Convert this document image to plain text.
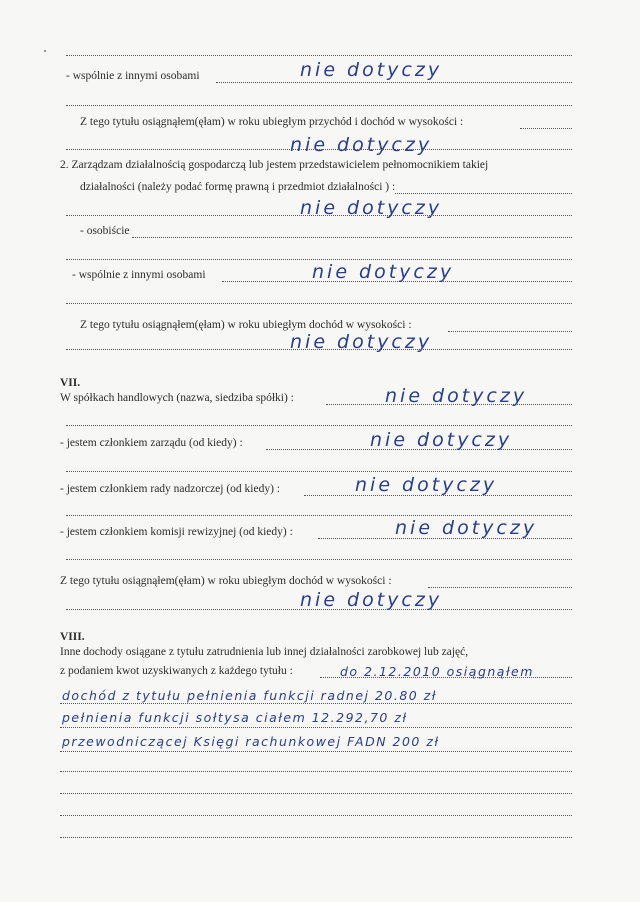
- wspólnie z innymi osobami	nie dotyczy
Z tego tytułu osiągnąłem(ęłam) w roku ubiegłym przychód i dochód w wysokości :
nie dotyczy
2. Zarządzam działalnością gospodarczą lub jestem przedstawicielem pełnomocnikiem takiej
działalności (należy podać formę prawną i przedmiot działalności ) :
nie dotyczy
- osobiście
- wspólnie z innymi osobami	nie dotyczy
Z tego tytułu osiągnąłem(ęłam) w roku ubiegłym dochód w wysokości :
nie dotyczy
VII.
W spółkach handlowych (nazwa, siedziba spółki) :	nie dotyczy
- jestem członkiem zarządu (od kiedy) :	nie dotyczy
- jestem członkiem rady nadzorczej (od kiedy) :	nie dotyczy
- jestem członkiem komisji rewizyjnej (od kiedy) :	nie dotyczy
Z tego tytułu osiągnąłem(ęłam) w roku ubiegłym dochód w wysokości :
nie dotyczy
VIII.
Inne dochody osiągane z tytułu zatrudnienia lub innej działalności zarobkowej lub zajęć,
z podaniem kwot uzyskiwanych z każdego tytułu :	do 2.12.2010 osiągnąłem
dochód z tytułu pełnienia funkcji radnej 20.80 zł
pełnienia funkcji sołtysa ciałem 12.292,70 zł
przewodniczącej Księgi rachunkowej FADN 200 zł
